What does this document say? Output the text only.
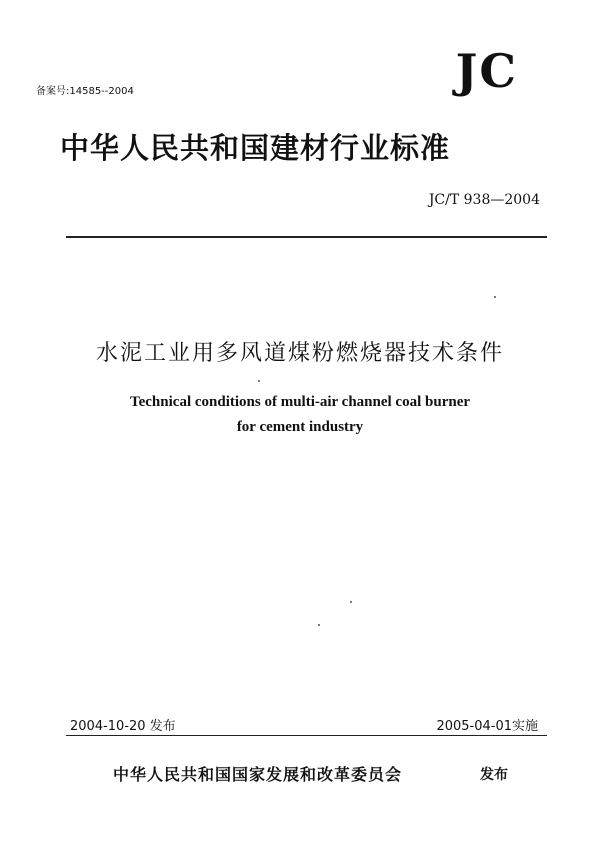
备案号:14585--2004	JC
中华人民共和国建材行业标准
JC/T 938—2004
水泥工业用多风道煤粉燃烧器技术条件
Technical conditions of multi-air channel coal burner
for cement industry
2004-10-20 发布	2005-04-01实施
中华人民共和国国家发展和改革委员会	发布
